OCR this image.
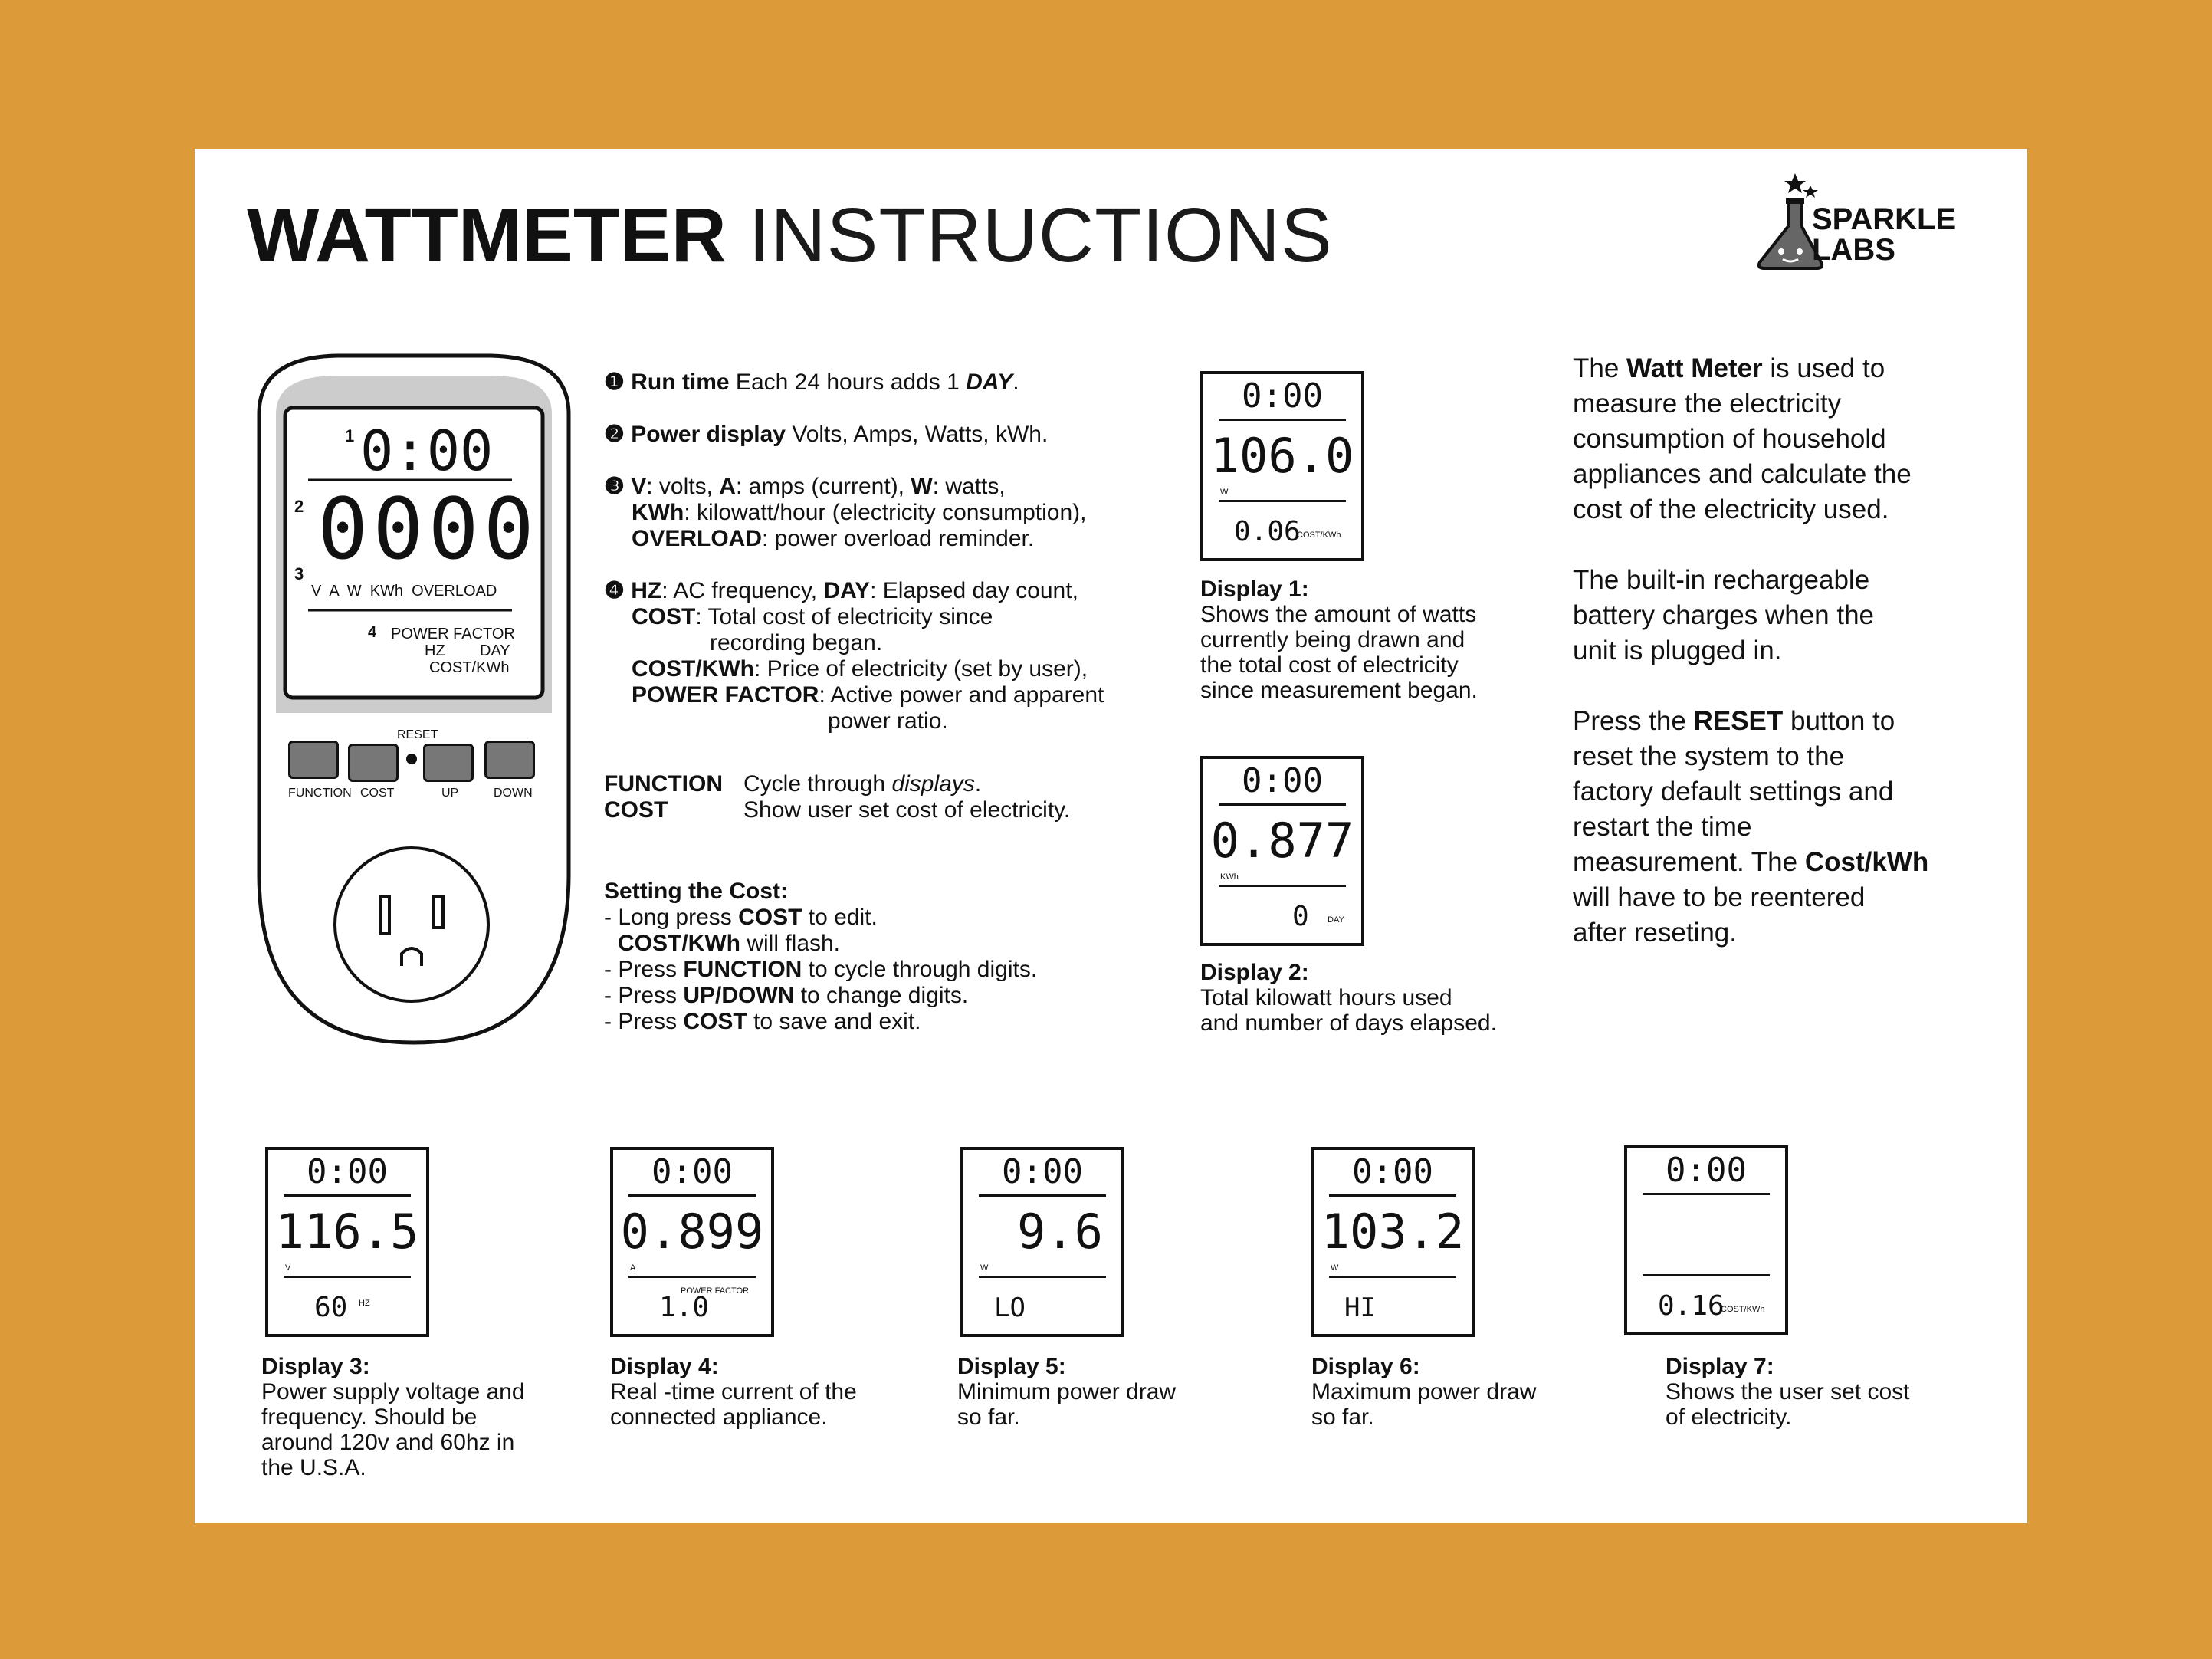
WATTMETER INSTRUCTIONS	SPARKLE
LABS
0:00
1
0000
2
3
V  A  W  KWh  OVERLOAD
4 POWER FACTOR
HZ DAY
COST/KWh
RESET
FUNCTION COST	UP	DOWN
❶ Run time Each 24 hours adds 1 DAY.
❷ Power display Volts, Amps, Watts, kWh.
❸ V: volts, A: amps (current), W: watts,
KWh: kilowatt/hour (electricity consumption),
OVERLOAD: power overload reminder.
❹ HZ: AC frequency, DAY: Elapsed day count,
COST: Total cost of electricity since
recording began.
COST/KWh: Price of electricity (set by user),
POWER FACTOR: Active power and apparent
power ratio.
FUNCTION Cycle through displays.
COST	Show user set cost of electricity.
Setting the Cost:
- Long press COST to edit.
COST/KWh will flash.
- Press FUNCTION to cycle through digits.
- Press UP/DOWN to change digits.
- Press COST to save and exit.
The Watt Meter is used to
measure the electricity
consumption of household
appliances and calculate the
cost of the electricity used.
The built-in rechargeable
battery charges when the
unit is plugged in.
Press the RESET button to
reset the system to the
factory default settings and
restart the time
measurement. The Cost/kWh
will have to be reentered
after reseting.
0:00
106.0
W
0.06
COST/KWh
Display 1:
Shows the amount of watts
currently being drawn and
the total cost of electricity
since measurement began.
0:00
0.877
KWh
0 DAY
Display 2:
Total kilowatt hours used
and number of days elapsed.
0:00
116.5
V
60 HZ
Display 3:
Power supply voltage and
frequency. Should be
around 120v and 60hz in
the U.S.A.
0:00
0.899
A
1.0
POWER FACTOR
Display 4:
Real -time current of the
connected appliance.
0:00
9.6
W
LO
Display 5:
Minimum power draw
so far.
0:00
103.2
W
HI
Display 6:
Maximum power draw
so far.
0:00
0.16
COST/KWh
Display 7:
Shows the user set cost
of electricity.
